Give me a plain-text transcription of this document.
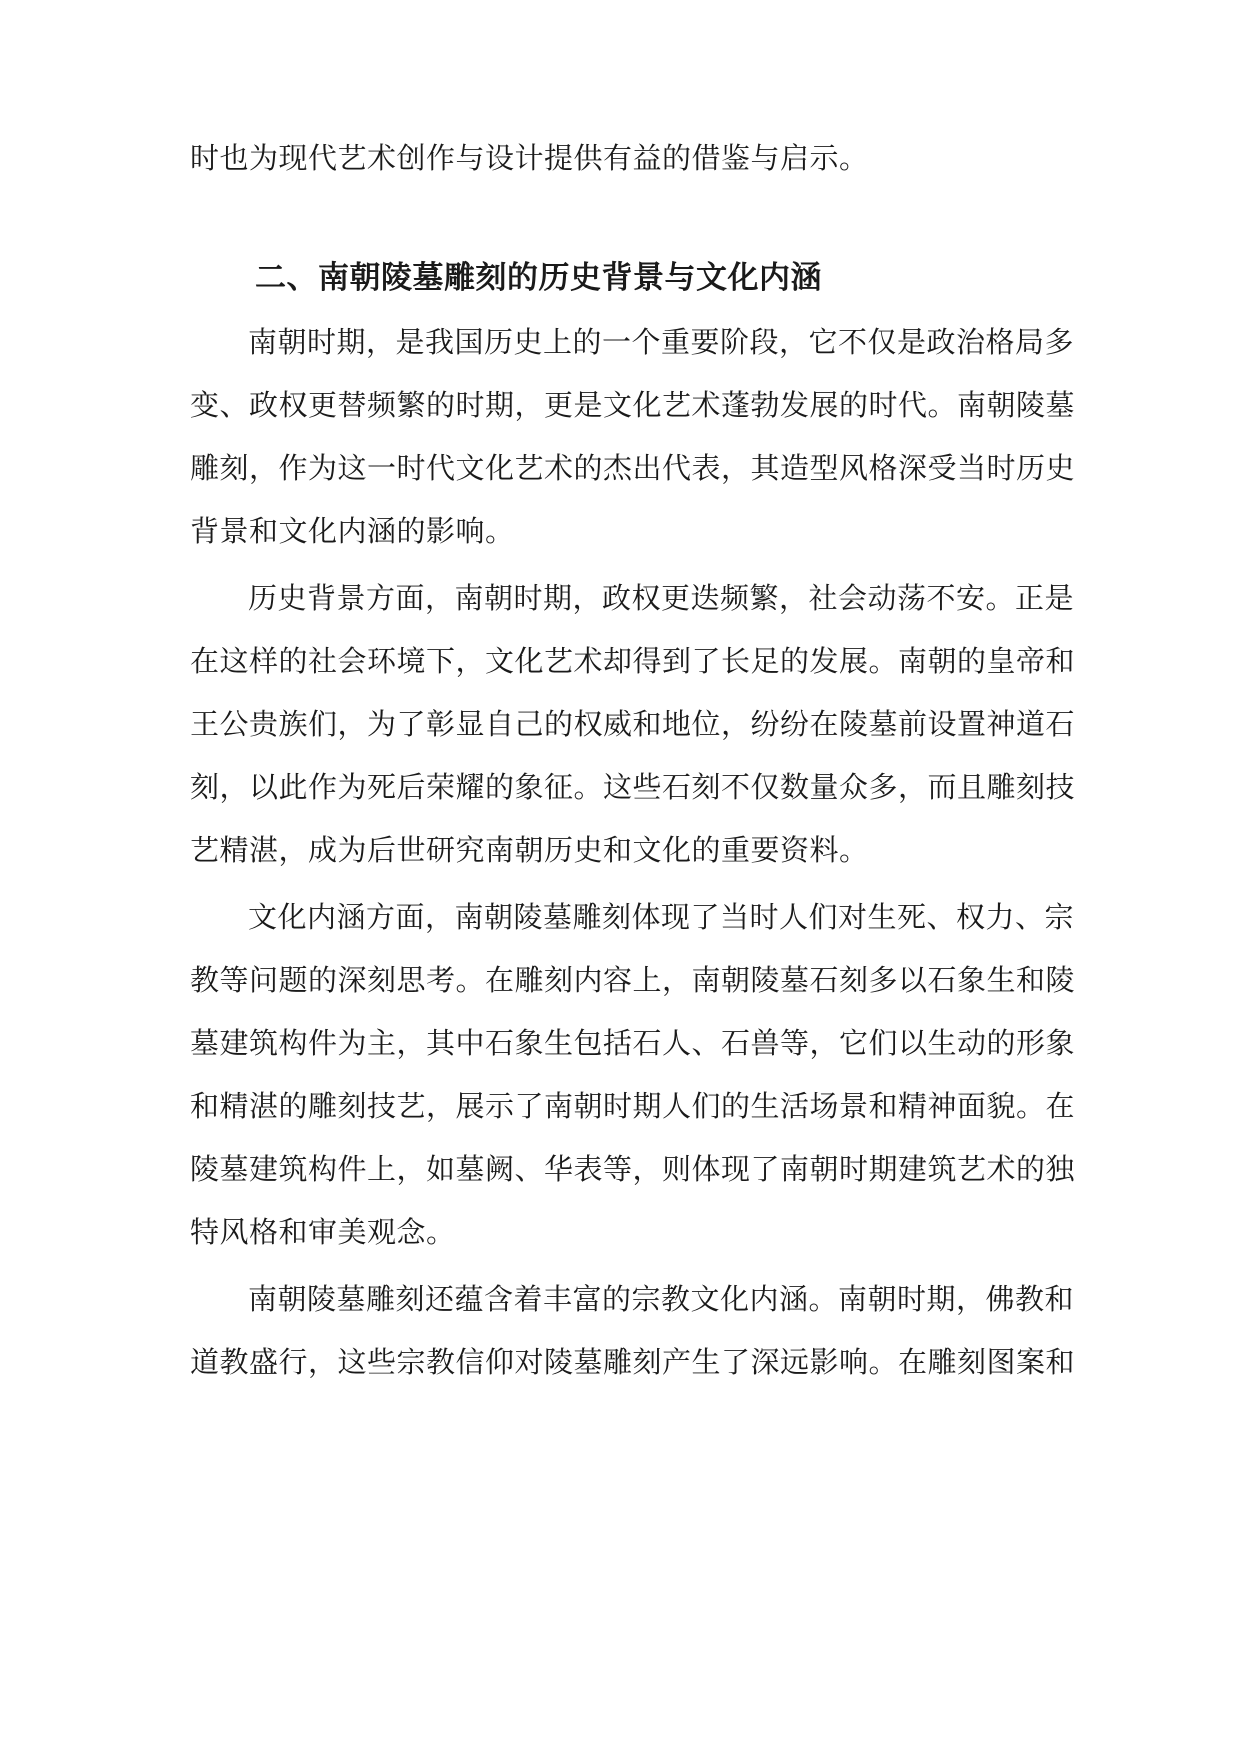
二、南朝陵墓雕刻的历史背景与文化内涵
时也为现代艺术创作与设计提供有益的借鉴与启示。
南朝时期，是我国历史上的一个重要阶段，它不仅是政治格局多
变、政权更替频繁的时期，更是文化艺术蓬勃发展的时代。南朝陵墓
雕刻，作为这一时代文化艺术的杰出代表，其造型风格深受当时历史
背景和文化内涵的影响。
历史背景方面，南朝时期，政权更迭频繁，社会动荡不安。正是
在这样的社会环境下，文化艺术却得到了长足的发展。南朝的皇帝和
王公贵族们，为了彰显自己的权威和地位，纷纷在陵墓前设置神道石
刻，以此作为死后荣耀的象征。这些石刻不仅数量众多，而且雕刻技
艺精湛，成为后世研究南朝历史和文化的重要资料。
文化内涵方面，南朝陵墓雕刻体现了当时人们对生死、权力、宗
教等问题的深刻思考。在雕刻内容上，南朝陵墓石刻多以石象生和陵
墓建筑构件为主，其中石象生包括石人、石兽等，它们以生动的形象
和精湛的雕刻技艺，展示了南朝时期人们的生活场景和精神面貌。在
陵墓建筑构件上，如墓阙、华表等，则体现了南朝时期建筑艺术的独
特风格和审美观念。
南朝陵墓雕刻还蕴含着丰富的宗教文化内涵。南朝时期，佛教和
道教盛行，这些宗教信仰对陵墓雕刻产生了深远影响。在雕刻图案和
